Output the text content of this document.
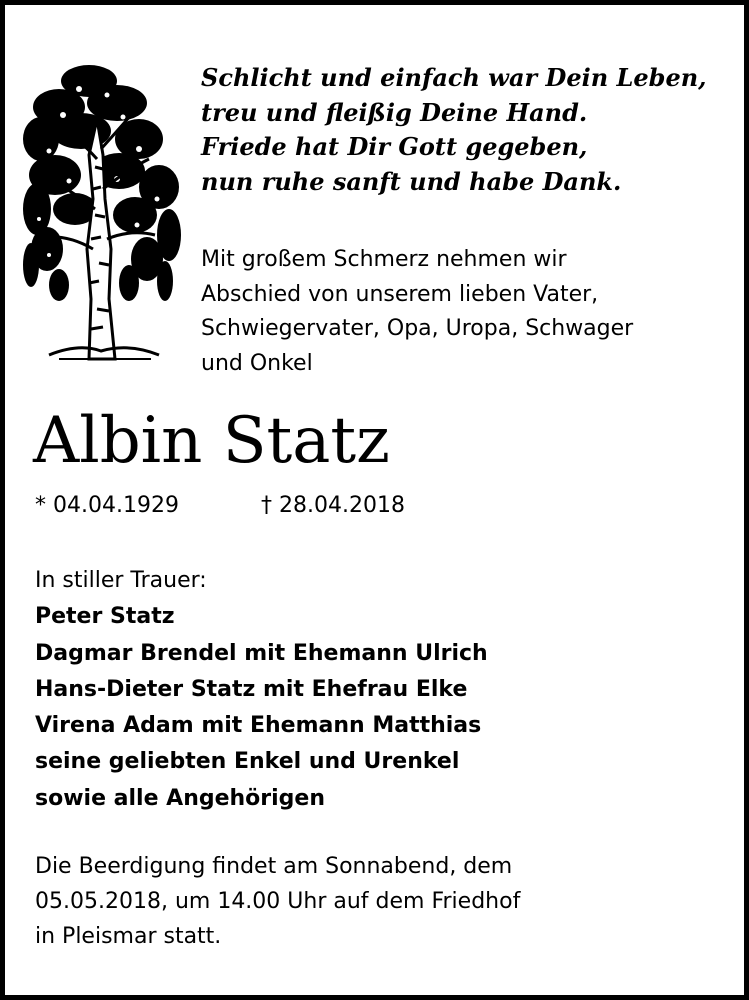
Schlicht und einfach war Dein Leben,
treu und fleißig Deine Hand.
Friede hat Dir Gott gegeben,
nun ruhe sanft und habe Dank.
Mit großem Schmerz nehmen wir
Abschied von unserem lieben Vater,
Schwiegervater, Opa, Uropa, Schwager
und Onkel
Albin Statz
* 04.04.1929	† 28.04.2018
In stiller Trauer:
Peter Statz
Dagmar Brendel mit Ehemann Ulrich
Hans-Dieter Statz mit Ehefrau Elke
Virena Adam mit Ehemann Matthias
seine geliebten Enkel und Urenkel
sowie alle Angehörigen
Die Beerdigung findet am Sonnabend, dem
05.05.2018, um 14.00 Uhr auf dem Friedhof
in Pleismar statt.
